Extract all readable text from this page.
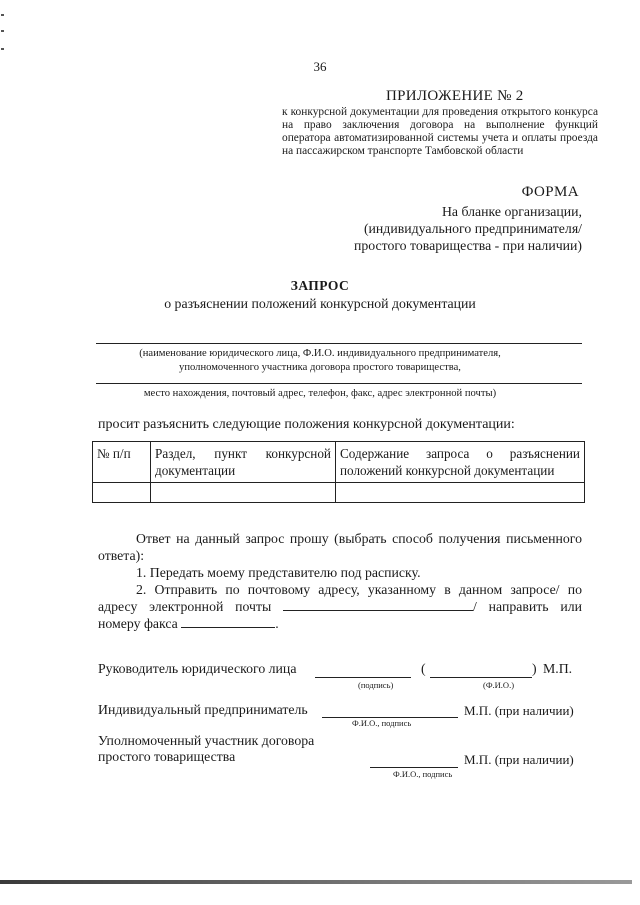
36
ПРИЛОЖЕНИЕ № 2
к конкурсной документации для проведения открытого конкурса на право заключения договора на выполнение функций оператора автоматизированной системы учета и оплаты проезда на пассажирском транспорте Тамбовской области
ФОРМА
На бланке организации,
(индивидуального предпринимателя/
простого товарищества - при наличии)
ЗАПРОС
о разъяснении положений конкурсной документации
(наименование юридического лица, Ф.И.О. индивидуального предпринимателя,
уполномоченного участника договора простого товарищества,
место нахождения, почтовый адрес, телефон, факс, адрес электронной почты)
просит разъяснить следующие положения конкурсной документации:
№ п/п	Раздел, пункт конкурсной документации	Содержание запроса о разъяснении положений конкурсной документации

Ответ на данный запрос прошу (выбрать способ получения письменного ответа):
1. Передать моему представителю под расписку.
2. Отправить по почтовому адресу, указанному в данном запросе/ по адресу электронной почты	/ направить или номеру факса	.
Руководитель юридического лица	(	) М.П.
(подпись)	(Ф.И.О.)
Индивидуальный предприниматель	М.П. (при наличии)
Ф.И.О., подпись
Уполномоченный участник договора
простого товарищества	М.П. (при наличии)
Ф.И.О., подпись
